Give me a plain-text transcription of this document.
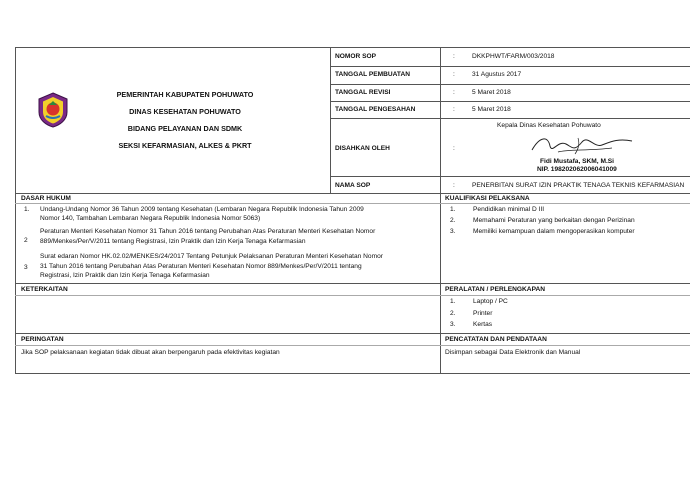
PEMERINTAH KABUPATEN POHUWATO
DINAS KESEHATAN POHUWATO
BIDANG PELAYANAN DAN SDMK
SEKSI KEFARMASIAN, ALKES & PKRT
NOMOR SOP	:	DKKPHWT/FARM/003/2018
TANGGAL PEMBUATAN	:	31 Agustus 2017
TANGGAL REVISI	:	5 Maret 2018
TANGGAL PENGESAHAN	:	5 Maret 2018
DISAHKAN OLEH	:
Kepala Dinas Kesehatan Pohuwato
Fidi Mustafa, SKM, M.Si
NIP. 198202062006041009
NAMA SOP	:	PENERBITAN SURAT IZIN PRAKTIK TENAGA TEKNIS KEFARMASIAN
DASAR HUKUM
1. Undang-Undang Nomor 36 Tahun 2009 tentang Kesehatan (Lembaran Negara Republik Indonesia Tahun 2009
Nomor 140, Tambahan Lembaran Negara Republik Indonesia Nomor 5063)
2
Peraturan Menteri Kesehatan Nomor 31 Tahun 2016 tentang Perubahan Atas Peraturan Menteri Kesehatan Nomor
889/Menkes/Per/V/2011 tentang Registrasi, Izin Praktik dan Izin Kerja Tenaga Kefarmasian
3
Surat edaran Nomor HK.02.02/MENKES/24/2017 Tentang Petunjuk Pelaksanan Peraturan Menteri Kesehatan Nomor
31 Tahun 2016 tentang Perubahan Atas Peraturan Menteri Kesehatan Nomor 889/Menkes/Per/V/2011 tentang
Registrasi, Izin Praktik dan Izin Kerja Tenaga Kefarmasian
KUALIFIKASI PELAKSANA
1.	Pendidikan minimal D III
2.	Memahami Peraturan yang berkaitan dengan Perizinan
3.	Memiliki kemampuan dalam mengoperasikan komputer
KETERKAITAN	PERALATAN / PERLENGKAPAN
1.	Laptop / PC
2.	Printer
3.	Kertas
PERINGATAN	PENCATATAN DAN PENDATAAN
Jika SOP pelaksanaan kegiatan tidak dibuat akan berpengaruh pada efektivitas kegiatan	Disimpan sebagai Data Elektronik dan Manual
